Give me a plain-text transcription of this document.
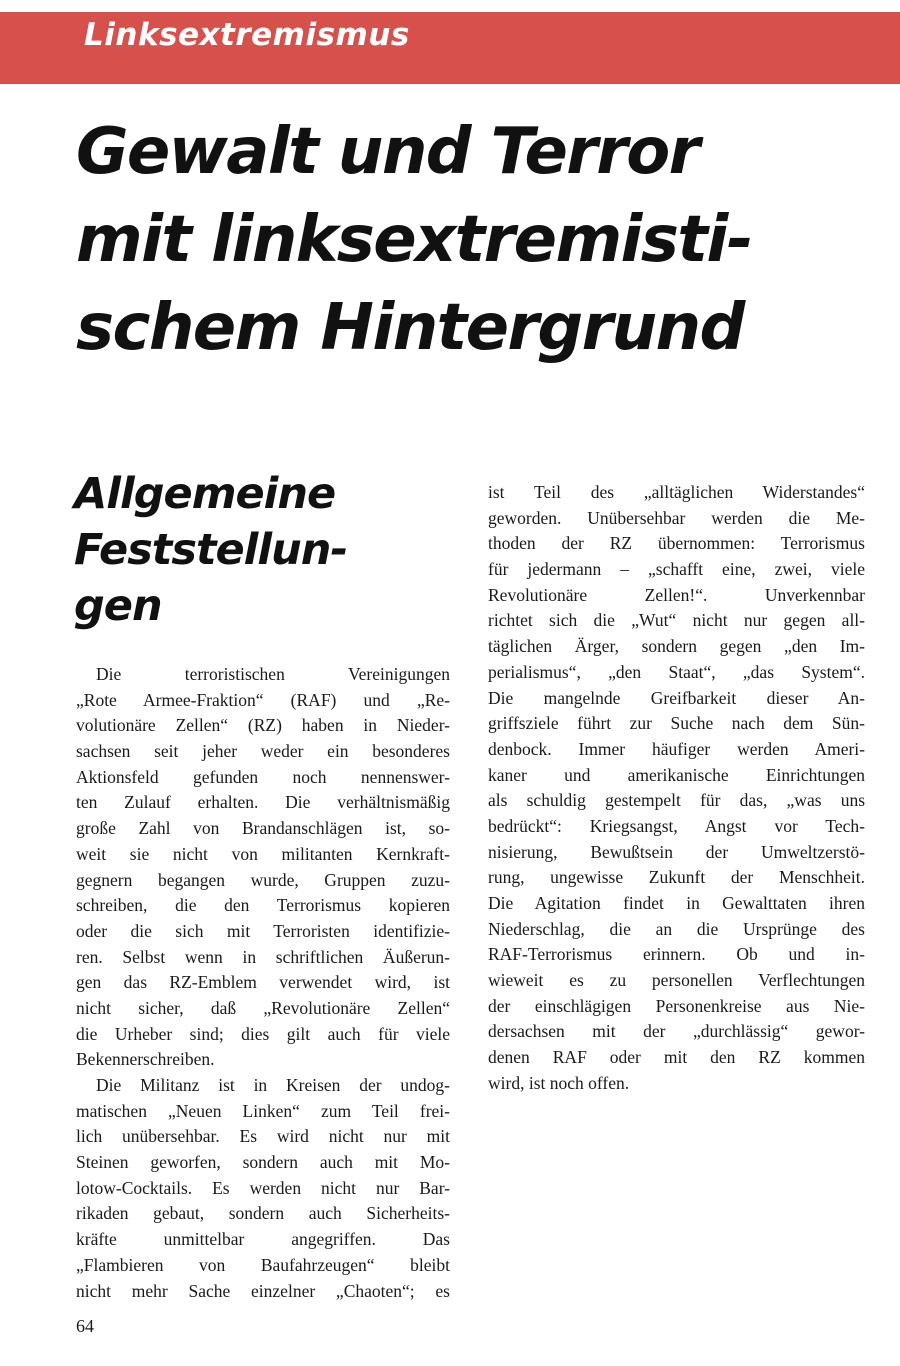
Linksextremismus
Gewalt und Terror
mit linksextremisti-
schem Hintergrund
Allgemeine
Feststellun-
gen

Die terroristischen Vereinigungen
„Rote Armee-Fraktion“ (RAF) und „Re-
volutionäre Zellen“ (RZ) haben in Nieder-
sachsen seit jeher weder ein besonderes
Aktionsfeld gefunden noch nennenswer-
ten Zulauf erhalten. Die verhältnismäßig
große Zahl von Brandanschlägen ist, so-
weit sie nicht von militanten Kernkraft-
gegnern begangen wurde, Gruppen zuzu-
schreiben, die den Terrorismus kopieren
oder die sich mit Terroristen identifizie-
ren. Selbst wenn in schriftlichen Äußerun-
gen das RZ-Emblem verwendet wird, ist
nicht sicher, daß „Revolutionäre Zellen“
die Urheber sind; dies gilt auch für viele
Bekennerschreiben.

Die Militanz ist in Kreisen der undog-
matischen „Neuen Linken“ zum Teil frei-
lich unübersehbar. Es wird nicht nur mit
Steinen geworfen, sondern auch mit Mo-
lotow-Cocktails. Es werden nicht nur Bar-
rikaden gebaut, sondern auch Sicherheits-
kräfte unmittelbar angegriffen. Das
„Flambieren von Baufahrzeugen“ bleibt
nicht mehr Sache einzelner „Chaoten“; es

ist Teil des „alltäglichen Widerstandes“
geworden. Unübersehbar werden die Me-
thoden der RZ übernommen: Terrorismus
für jedermann – „schafft eine, zwei, viele
Revolutionäre Zellen!“. Unverkennbar
richtet sich die „Wut“ nicht nur gegen all-
täglichen Ärger, sondern gegen „den Im-
perialismus“, „den Staat“, „das System“.
Die mangelnde Greifbarkeit dieser An-
griffsziele führt zur Suche nach dem Sün-
denbock. Immer häufiger werden Ameri-
kaner und amerikanische Einrichtungen
als schuldig gestempelt für das, „was uns
bedrückt“: Kriegsangst, Angst vor Tech-
nisierung, Bewußtsein der Umweltzerstö-
rung, ungewisse Zukunft der Menschheit.
Die Agitation findet in Gewalttaten ihren
Niederschlag, die an die Ursprünge des
RAF-Terrorismus erinnern. Ob und in-
wieweit es zu personellen Verflechtungen
der einschlägigen Personenkreise aus Nie-
dersachsen mit der „durchlässig“ gewor-
denen RAF oder mit den RZ kommen
wird, ist noch offen.

64
